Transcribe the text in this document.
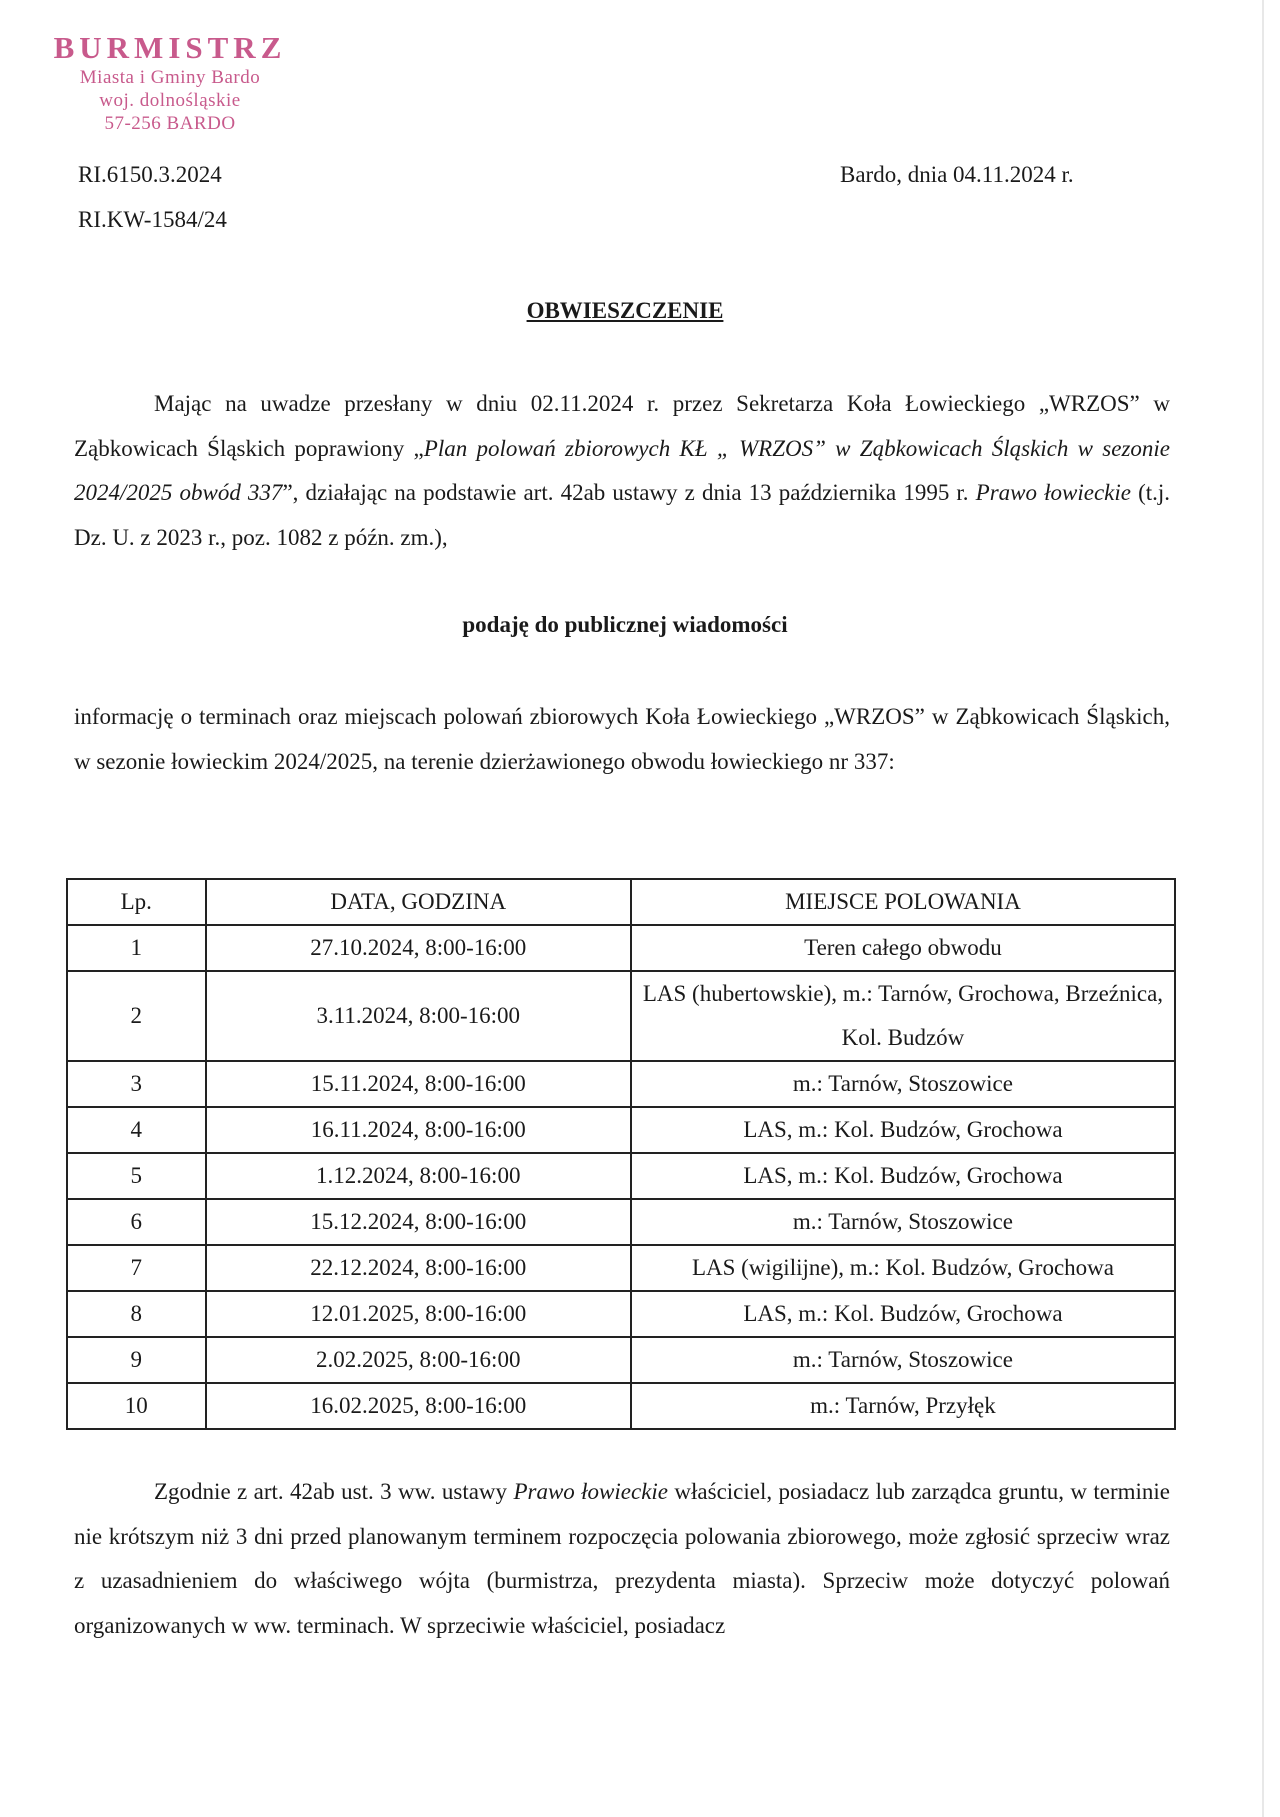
BURMISTRZ
Miasta i Gminy Bardo
woj. dolnośląskie
57-256 BARDO
RI.6150.3.2024
RI.KW-1584/24
Bardo, dnia 04.11.2024 r.
OBWIESZCZENIE

Mając na uwadze przesłany w dniu 02.11.2024 r. przez Sekretarza Koła Łowieckiego „WRZOS” w Ząbkowicach Śląskich poprawiony „Plan polowań zbiorowych KŁ „ WRZOS” w Ząbkowicach Śląskich w sezonie 2024/2025 obwód 337”, działając na podstawie art. 42ab ustawy z dnia 13 października 1995 r. Prawo łowieckie (t.j. Dz. U. z 2023 r., poz. 1082 z późn. zm.),

podaję do publicznej wiadomości

informację o terminach oraz miejscach polowań zbiorowych Koła Łowieckiego „WRZOS” w Ząbkowicach Śląskich, w sezonie łowieckim 2024/2025, na terenie dzierżawionego obwodu łowieckiego nr 337:

Lp.	DATA, GODZINA	MIEJSCE POLOWANIA
1	27.10.2024, 8:00-16:00	Teren całego obwodu
2	3.11.2024, 8:00-16:00	LAS (hubertowskie), m.: Tarnów, Grochowa, Brzeźnica, Kol. Budzów
3	15.11.2024, 8:00-16:00	m.: Tarnów, Stoszowice
4	16.11.2024, 8:00-16:00	LAS, m.: Kol. Budzów, Grochowa
5	1.12.2024, 8:00-16:00	LAS, m.: Kol. Budzów, Grochowa
6	15.12.2024, 8:00-16:00	m.: Tarnów, Stoszowice
7	22.12.2024, 8:00-16:00	LAS (wigilijne), m.: Kol. Budzów, Grochowa
8	12.01.2025, 8:00-16:00	LAS, m.: Kol. Budzów, Grochowa
9	2.02.2025, 8:00-16:00	m.: Tarnów, Stoszowice
10	16.02.2025, 8:00-16:00	m.: Tarnów, Przyłęk

Zgodnie z art. 42ab ust. 3 ww. ustawy Prawo łowieckie właściciel, posiadacz lub zarządca gruntu, w terminie nie krótszym niż 3 dni przed planowanym terminem rozpoczęcia polowania zbiorowego, może zgłosić sprzeciw wraz z uzasadnieniem do właściwego wójta (burmistrza, prezydenta miasta). Sprzeciw może dotyczyć polowań organizowanych w ww. terminach. W sprzeciwie właściciel, posiadacz
